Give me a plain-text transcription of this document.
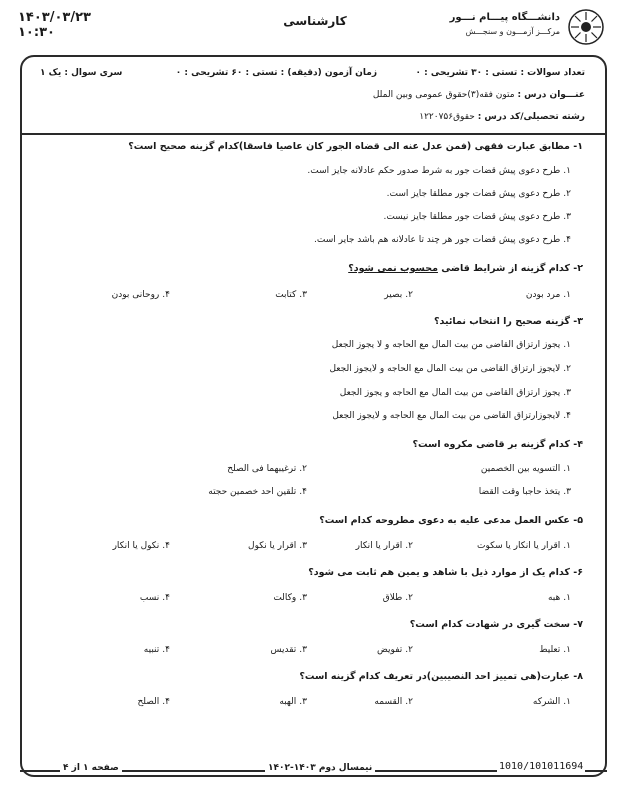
۱۴۰۳/۰۳/۲۳
۱۰:۳۰
کارشناسی	دانشـــگاه پیـــام نـــور
مرکـــز آزمـــون و سنجـــش
تعداد سوالات : تستی : ۳۰ تشریحی : ۰
زمان آزمون (دقیقه) : تستی : ۶۰ تشریحی : ۰
سری سوال : یک ۱
عنـــوان درس : متون فقه(۳)حقوق عمومی وبین الملل
رشته تحصیلی/کد درس : حقوق۱۲۲۰۷۵۶
۱- مطابق عبارت فقهی (فمن عدل عنه الی قضاه الجور کان عاصیا فاسقا)کدام گزینه صحیح است؟
۱.طرح دعوی پیش قضات جور به شرط صدور حکم عادلانه جایز است.
۲.طرح دعوی پیش قضات جور مطلقا جایز است.
۳.طرح دعوی پیش قضات جور مطلقا جایز نیست.
۴.طرح دعوی پیش قضات جور هر چند تا عادلانه هم باشد جایر است.
۲- کدام گزینه از شرایط قاضی محسوب نمی شود؟
۱.مرد بودن
۲.بصیر
۳.کتابت
۴.روحانی بودن
۳- گزینه صحیح را انتخاب نمائید؟
۱.یجوز ارتزاق القاضی من بیت المال مع الحاجه و لا یجوز الجعل
۲.لایجوز ارتزاق القاضی من بیت المال مع الحاجه و لایجوز الجعل
۳.یجوز ارتزاق القاضی من بیت المال مع الحاجه و یجوز الجعل
۴.لایجوزارتزاق القاضی من بیت المال مع الحاجه و لایجوز الجعل
۴- کدام گزینه بر قاضی مکروه است؟
۱.التسویه بین الخصمین
۲.ترغیبهما فی الصلح
۳.یتخذ حاجبا وقت القضا
۴.تلقین احد خصمین حجته
۵- عکس العمل مدعی علیه به دعوی مطروحه کدام است؟
۱.اقرار یا انکار یا سکوت
۲.اقرار یا انکار
۳.اقرار یا نکول
۴.نکول یا انکار
۶- کدام یک از موارد ذیل با شاهد و یمین هم ثابت می شود؟
۱.هبه
۲.طلاق
۳.وکالت
۴.نسب
۷- سخت گیری در شهادت کدام است؟
۱.تعلیط
۲.تفویض
۳.تقدیس
۴.تنبیه
۸- عبارت(هی تمییز احد النصیبین)در تعریف کدام گزینه است؟
۱.الشرکه
۲.القسمه
۳.الهبه
۴.الصلح
صفحه ۱ از ۴	نیمسال دوم ۱۴۰۳-۱۴۰۲	1010/101011694
